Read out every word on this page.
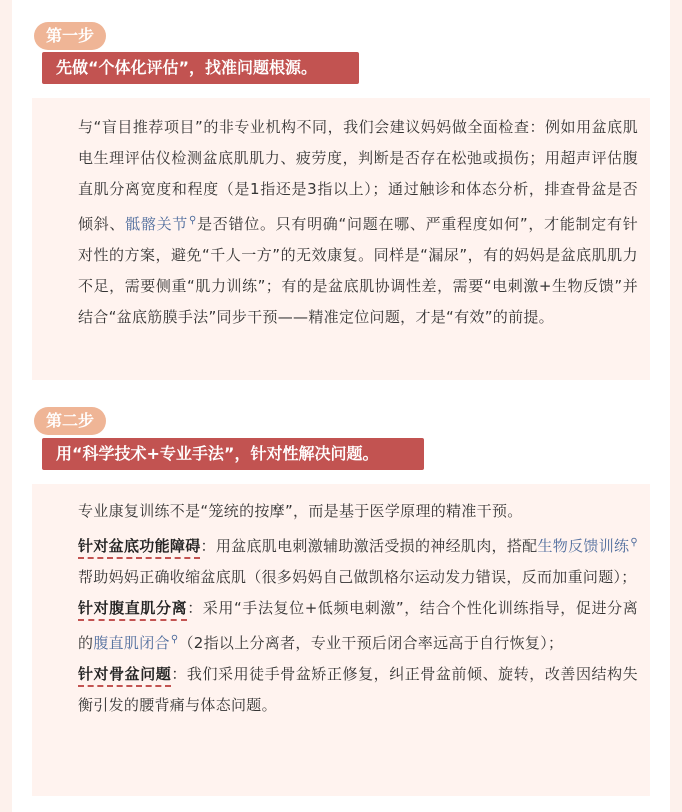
第一步
先做“个体化评估”，找准问题根源。

与“盲目推荐项目”的非专业机构不同，我们会建议妈妈做全面检查：例如用盆底肌电生理评估仪检测盆底肌肌力、疲劳度，判断是否存在松弛或损伤；用超声评估腹直肌分离宽度和程度（是1指还是3指以上）；通过触诊和体态分析，排查骨盆是否倾斜、骶髂关节⚲是否错位。只有明确“问题在哪、严重程度如何”，才能制定有针对性的方案，避免“千人一方”的无效康复。同样是“漏尿”，有的妈妈是盆底肌肌力不足，需要侧重“肌力训练”；有的是盆底肌协调性差，需要“电刺激+生物反馈”并结合“盆底筋膜手法”同步干预——精准定位问题，才是“有效”的前提。

第二步
用“科学技术+专业手法”，针对性解决问题。

专业康复训练不是“笼统的按摩”，而是基于医学原理的精准干预。

针对盆底功能障碍：用盆底肌电刺激辅助激活受损的神经肌肉，搭配生物反馈训练⚲帮助妈妈正确收缩盆底肌（很多妈妈自己做凯格尔运动发力错误，反而加重问题）；

针对腹直肌分离：采用“手法复位+低频电刺激”，结合个性化训练指导，促进分离的腹直肌闭合⚲（2指以上分离者，专业干预后闭合率远高于自行恢复）；

针对骨盆问题：我们采用徒手骨盆矫正修复，纠正骨盆前倾、旋转，改善因结构失衡引发的腰背痛与体态问题。
